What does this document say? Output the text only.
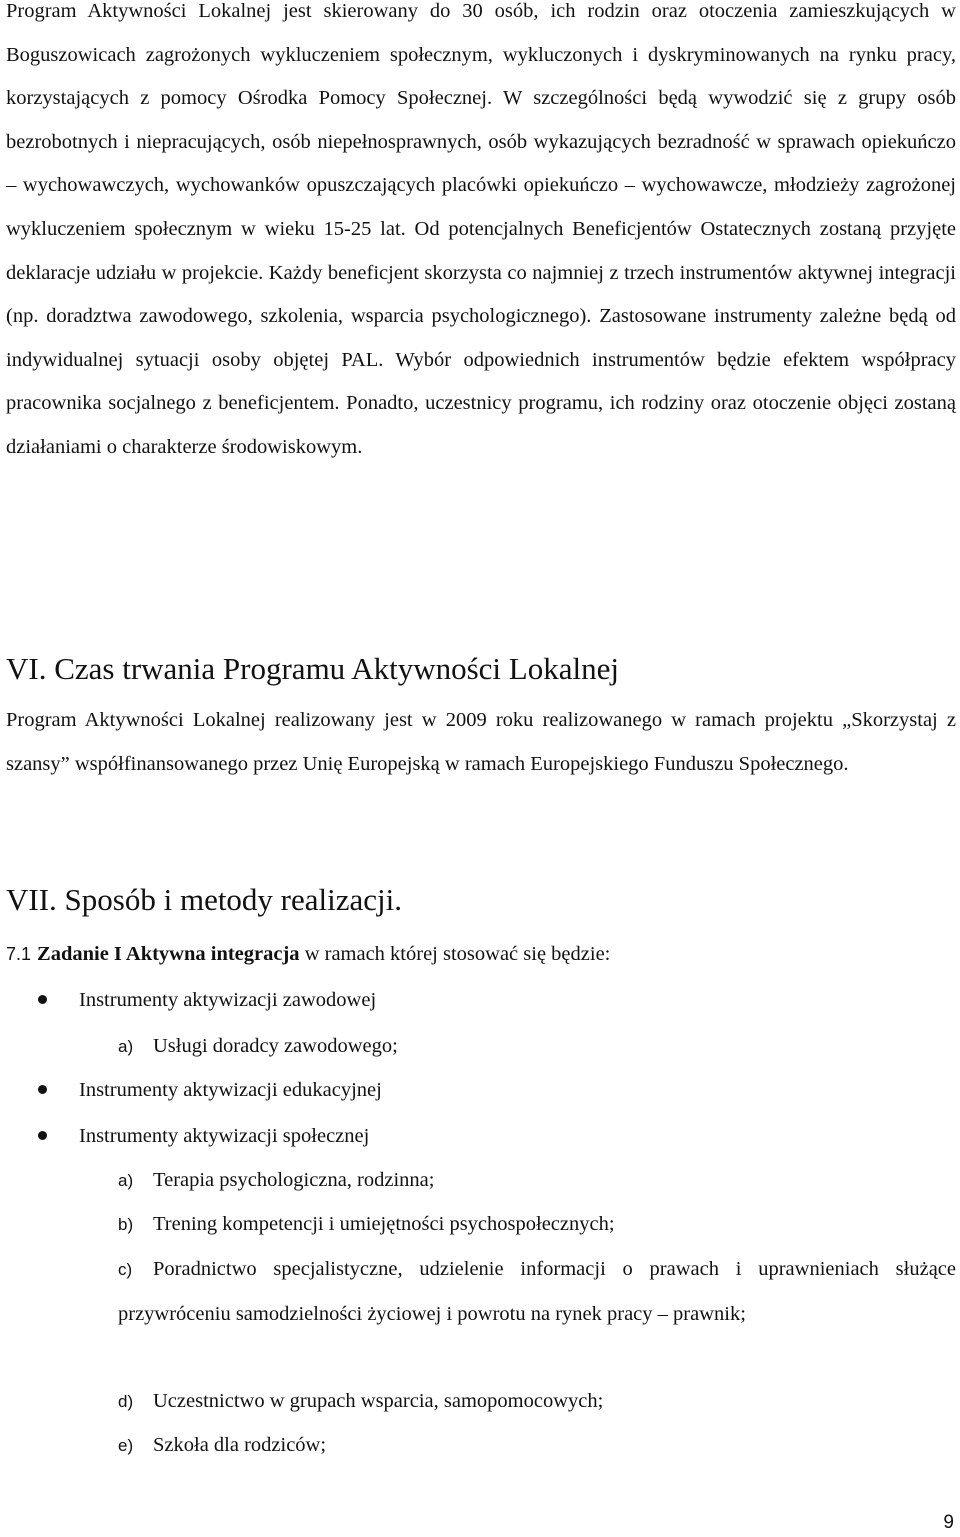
Program Aktywności Lokalnej jest skierowany do 30 osób, ich rodzin oraz otoczenia zamieszkujących w Boguszowicach zagrożonych wykluczeniem społecznym, wykluczonych i dyskryminowanych na rynku pracy, korzystających z pomocy Ośrodka Pomocy Społecznej. W szczególności będą wywodzić się z grupy osób bezrobotnych i niepracujących, osób niepełnosprawnych, osób wykazujących bezradność w sprawach opiekuńczo – wychowawczych, wychowanków opuszczających placówki opiekuńczo – wychowawcze, młodzieży zagrożonej wykluczeniem społecznym w wieku 15-25 lat. Od potencjalnych Beneficjentów Ostatecznych zostaną przyjęte deklaracje udziału w projekcie. Każdy beneficjent skorzysta co najmniej z trzech instrumentów aktywnej integracji (np. doradztwa zawodowego, szkolenia, wsparcia psychologicznego). Zastosowane instrumenty zależne będą od indywidualnej sytuacji osoby objętej PAL. Wybór odpowiednich instrumentów będzie efektem współpracy pracownika socjalnego z beneficjentem. Ponadto, uczestnicy programu, ich rodziny oraz otoczenie objęci zostaną działaniami o charakterze środowiskowym.

VI. Czas trwania Programu Aktywności Lokalnej

Program Aktywności Lokalnej realizowany jest w 2009 roku realizowanego w ramach projektu „Skorzystaj z szansy” współfinansowanego przez Unię Europejską w ramach Europejskiego Funduszu Społecznego.

VII. Sposób i metody realizacji.

7.1 Zadanie I Aktywna integracja w ramach której stosować się będzie:

Instrumenty aktywizacji zawodowej

a) Usługi doradcy zawodowego;

Instrumenty aktywizacji edukacyjnej

Instrumenty aktywizacji społecznej

a) Terapia psychologiczna, rodzinna;

b) Trening kompetencji i umiejętności psychospołecznych;

c) Poradnictwo specjalistyczne, udzielenie informacji o prawach i uprawnieniach służące przywróceniu samodzielności życiowej i powrotu na rynek pracy – prawnik;

d) Uczestnictwo w grupach wsparcia, samopomocowych;

e) Szkoła dla rodziców;

9
